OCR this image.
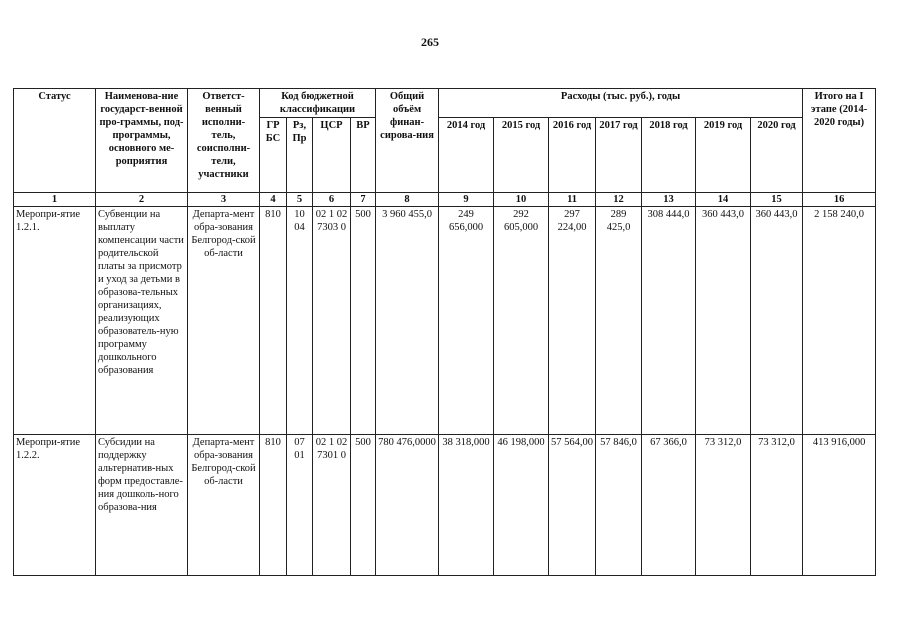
265
Статус	Наименова-ние государст-венной про-граммы, под-программы, основного ме-роприятия	Ответст-венный исполни-тель, соисполни-тели, участники	Код бюджетной классификации				Общий объём финан-сирова-ния	Расходы (тыс. руб.), годы							Итого на I этапе (2014-2020 годы)
			ГР БС	Рз, Пр	ЦСР	ВР		2014 год	2015 год	2016 год	2017 год	2018 год	2019 год	2020 год	
1	2	3	4	5	6	7	8	9	10	11	12	13	14	15	16
Меропри-ятие 1.2.1.	Субвенции на выплату компенсации части родительской платы за присмотр и уход за детьми в образова-тельных организациях, реализующих образователь-ную программу дошкольного образования	Департа-мент обра-зования Белгород-ской об-ласти	810	10 04	02 1 02 7303 0	500	3 960 455,0	249 656,000	292 605,000	297 224,00	289 425,0	308 444,0	360 443,0	360 443,0	2 158 240,0
Меропри-ятие 1.2.2.	Субсидии на поддержку альтернатив-ных форм предоставле-ния дошколь-ного образова-ния	Департа-мент обра-зования Белгород-ской об-ласти	810	07 01	02 1 02 7301 0	500	780 476,0000	38 318,000	46 198,000	57 564,00	57 846,0	67 366,0	73 312,0	73 312,0	413 916,000
